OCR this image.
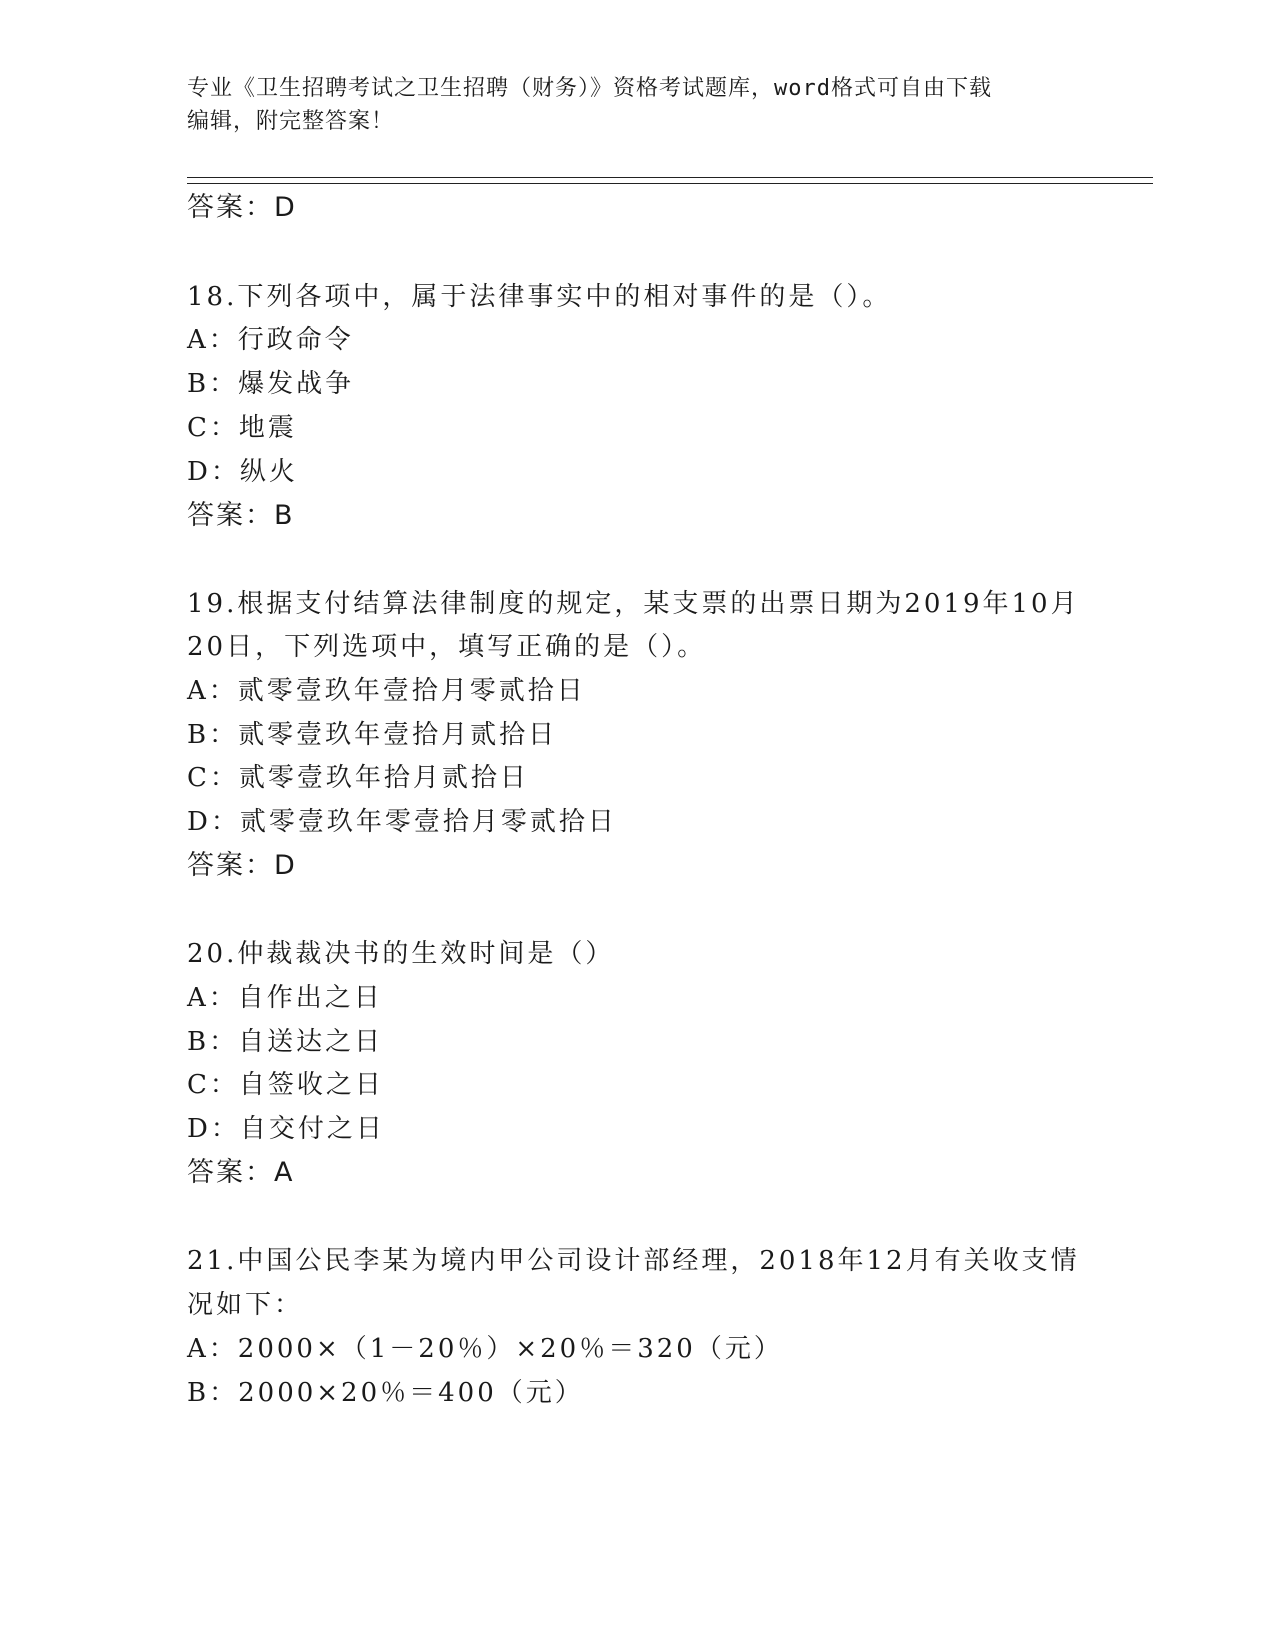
专业《卫生招聘考试之卫生招聘（财务）》资格考试题库，word格式可自由下载
编辑，附完整答案！
答案：D
18.下列各项中，属于法律事实中的相对事件的是（）。
A：行政命令
B：爆发战争
C：地震
D：纵火
答案：B
19.根据支付结算法律制度的规定，某支票的出票日期为2019年10月
20日，下列选项中，填写正确的是（）。
A：贰零壹玖年壹拾月零贰拾日
B：贰零壹玖年壹拾月贰拾日
C：贰零壹玖年拾月贰拾日
D：贰零壹玖年零壹拾月零贰拾日
答案：D
20.仲裁裁决书的生效时间是（）
A：自作出之日
B：自送达之日
C：自签收之日
D：自交付之日
答案：A
21.中国公民李某为境内甲公司设计部经理，2018年12月有关收支情
况如下：
A：2000×（1－20％）×20％＝320（元）
B：2000×20％＝400（元）
